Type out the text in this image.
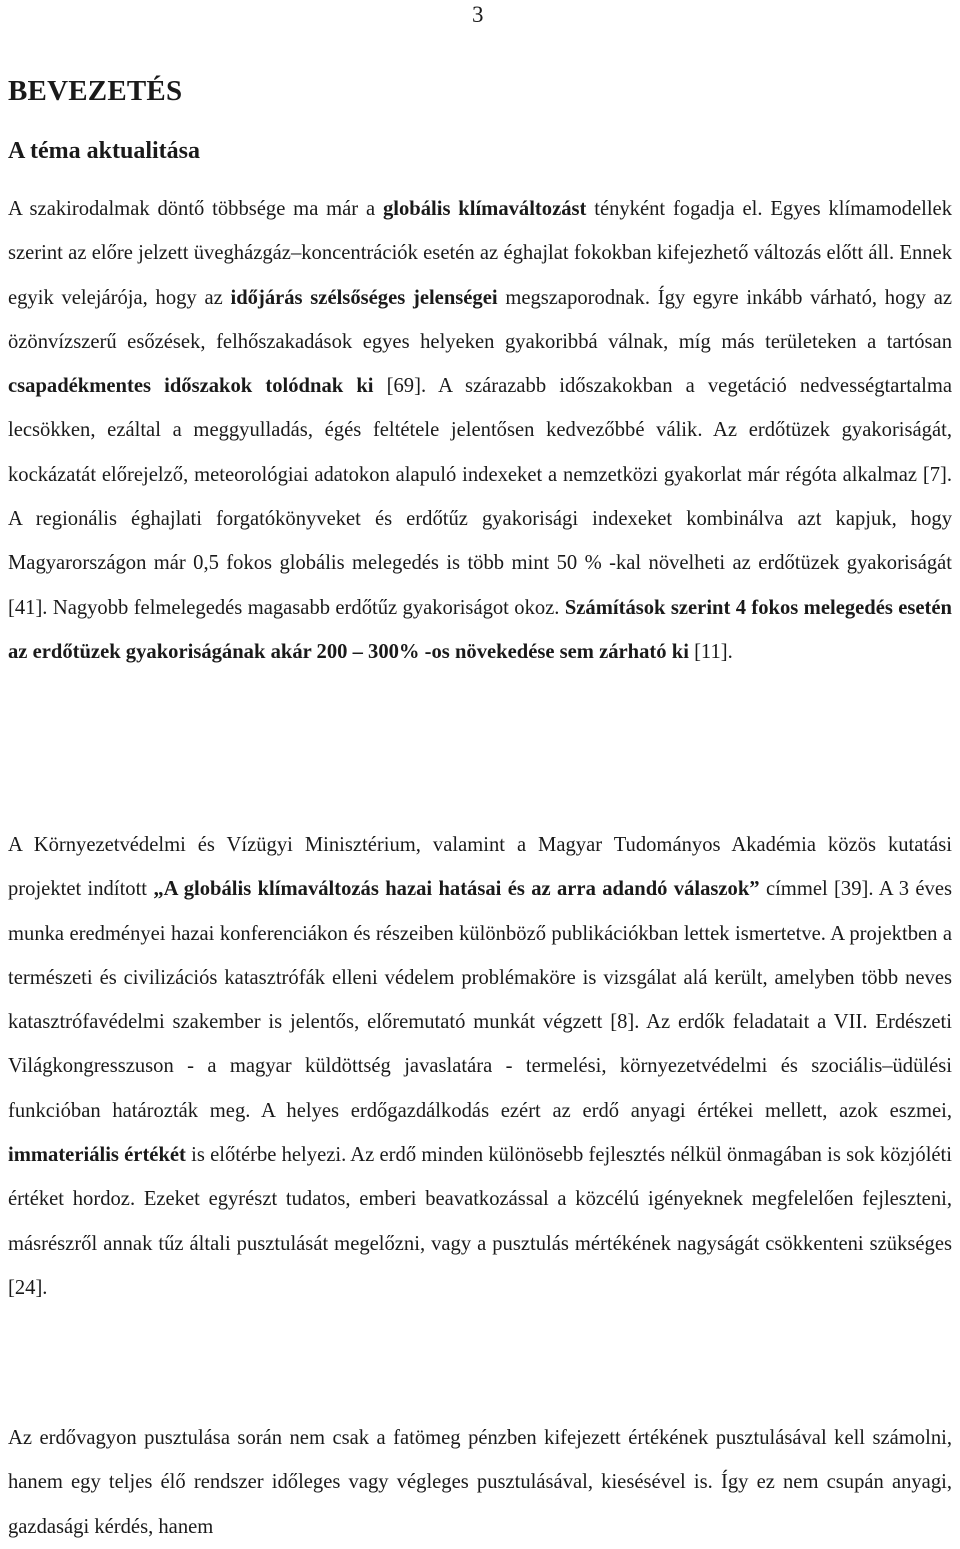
3
BEVEZETÉS
A téma aktualitása

A szakirodalmak döntő többsége ma már a globális klímaváltozást tényként fogadja el. Egyes klímamodellek szerint az előre jelzett üvegházgáz–koncentrációk esetén az éghajlat fokokban kifejezhető változás előtt áll. Ennek egyik velejárója, hogy az időjárás szélsőséges jelenségei megszaporodnak. Így egyre inkább várható, hogy az özönvízszerű esőzések, felhőszakadások egyes helyeken gyakoribbá válnak, míg más területeken a tartósan csapadékmentes időszakok tolódnak ki [69]. A szárazabb időszakokban a vegetáció nedvességtartalma lecsökken, ezáltal a meggyulladás, égés feltétele jelentősen kedvezőbbé válik. Az erdőtüzek gyakoriságát, kockázatát előrejelző, meteorológiai adatokon alapuló indexeket a nemzetközi gyakorlat már régóta alkalmaz [7]. A regionális éghajlati forgatókönyveket és erdőtűz gyakorisági indexeket kombinálva azt kapjuk, hogy Magyarországon már 0,5 fokos globális melegedés is több mint 50 % -kal növelheti az erdőtüzek gyakoriságát [41]. Nagyobb felmelegedés magasabb erdőtűz gyakoriságot okoz. Számítások szerint 4 fokos melegedés esetén az erdőtüzek gyakoriságának akár 200 – 300% -os növekedése sem zárható ki [11].

A Környezetvédelmi és Vízügyi Minisztérium, valamint a Magyar Tudományos Akadémia közös kutatási projektet indított „A globális klímaváltozás hazai hatásai és az arra adandó válaszok” címmel [39]. A 3 éves munka eredményei hazai konferenciákon és részeiben különböző publikációkban lettek ismertetve. A projektben a természeti és civilizációs katasztrófák elleni védelem problémaköre is vizsgálat alá került, amelyben több neves katasztrófavédelmi szakember is jelentős, előremutató munkát végzett [8]. Az erdők feladatait a VII. Erdészeti Világkongresszuson - a magyar küldöttség javaslatára - termelési, környezetvédelmi és szociális–üdülési funkcióban határozták meg. A helyes erdőgazdálkodás ezért az erdő anyagi értékei mellett, azok eszmei, immateriális értékét is előtérbe helyezi. Az erdő minden különösebb fejlesztés nélkül önmagában is sok közjóléti értéket hordoz. Ezeket egyrészt tudatos, emberi beavatkozással a közcélú igényeknek megfelelően fejleszteni, másrészről annak tűz általi pusztulását megelőzni, vagy a pusztulás mértékének nagyságát csökkenteni szükséges [24].

Az erdővagyon pusztulása során nem csak a fatömeg pénzben kifejezett értékének pusztulásával kell számolni, hanem egy teljes élő rendszer időleges vagy végleges pusztulásával, kiesésével is. Így ez nem csupán anyagi, gazdasági kérdés, hanem
